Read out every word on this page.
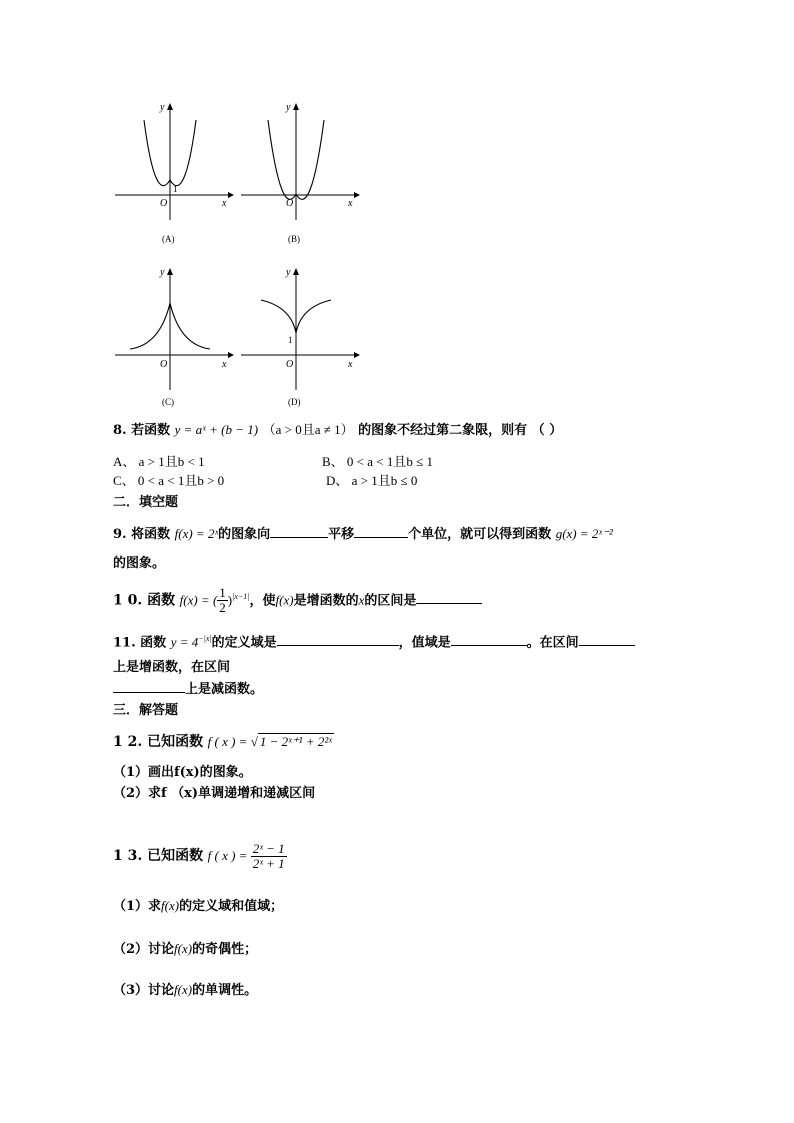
y
x
O
1
(A)
y
x
O
(B)
y
x
O
(C)
y
x
O
1
(D)
8. 若函数 y = aˣ + (b − 1) （a > 0且a ≠ 1） 的图象不经过第二象限，则有 （ ）
A、 a > 1且b < 1	B、 0 < a < 1且b ≤ 1
C、 0 < a < 1且b > 0	D、 a > 1且b ≤ 0
二．填空题
9. 将函数 f(x) = 2ˣ的图象向	平移	个单位，就可以得到函数 g(x) = 2ˣ⁻²
的图象。
1 0. 函数 f(x) = ( $\frac{1}{2} )^{|x-1|}$，使f(x)是增函数的x的区间是
11. 函数 $y = 4^{-|x|}$的定义域是	，值域是	。在区间
上是增函数，在区间
上是减函数。
三．解答题
1 2. 已知函数 f ( x ) = √ 1 − 2ˣ⁺¹ + 2²ˣ
（1）画出f(x)的图象。
（2）求f （x)单调递增和递减区间
1 3. 已知函数 f ( x ) = $\frac{\text{2ˣ − 1}}{\text{2ˣ + 1}}$
（1）求f(x)的定义域和值域；
（2）讨论f(x)的奇偶性；
（3）讨论f(x)的单调性。
